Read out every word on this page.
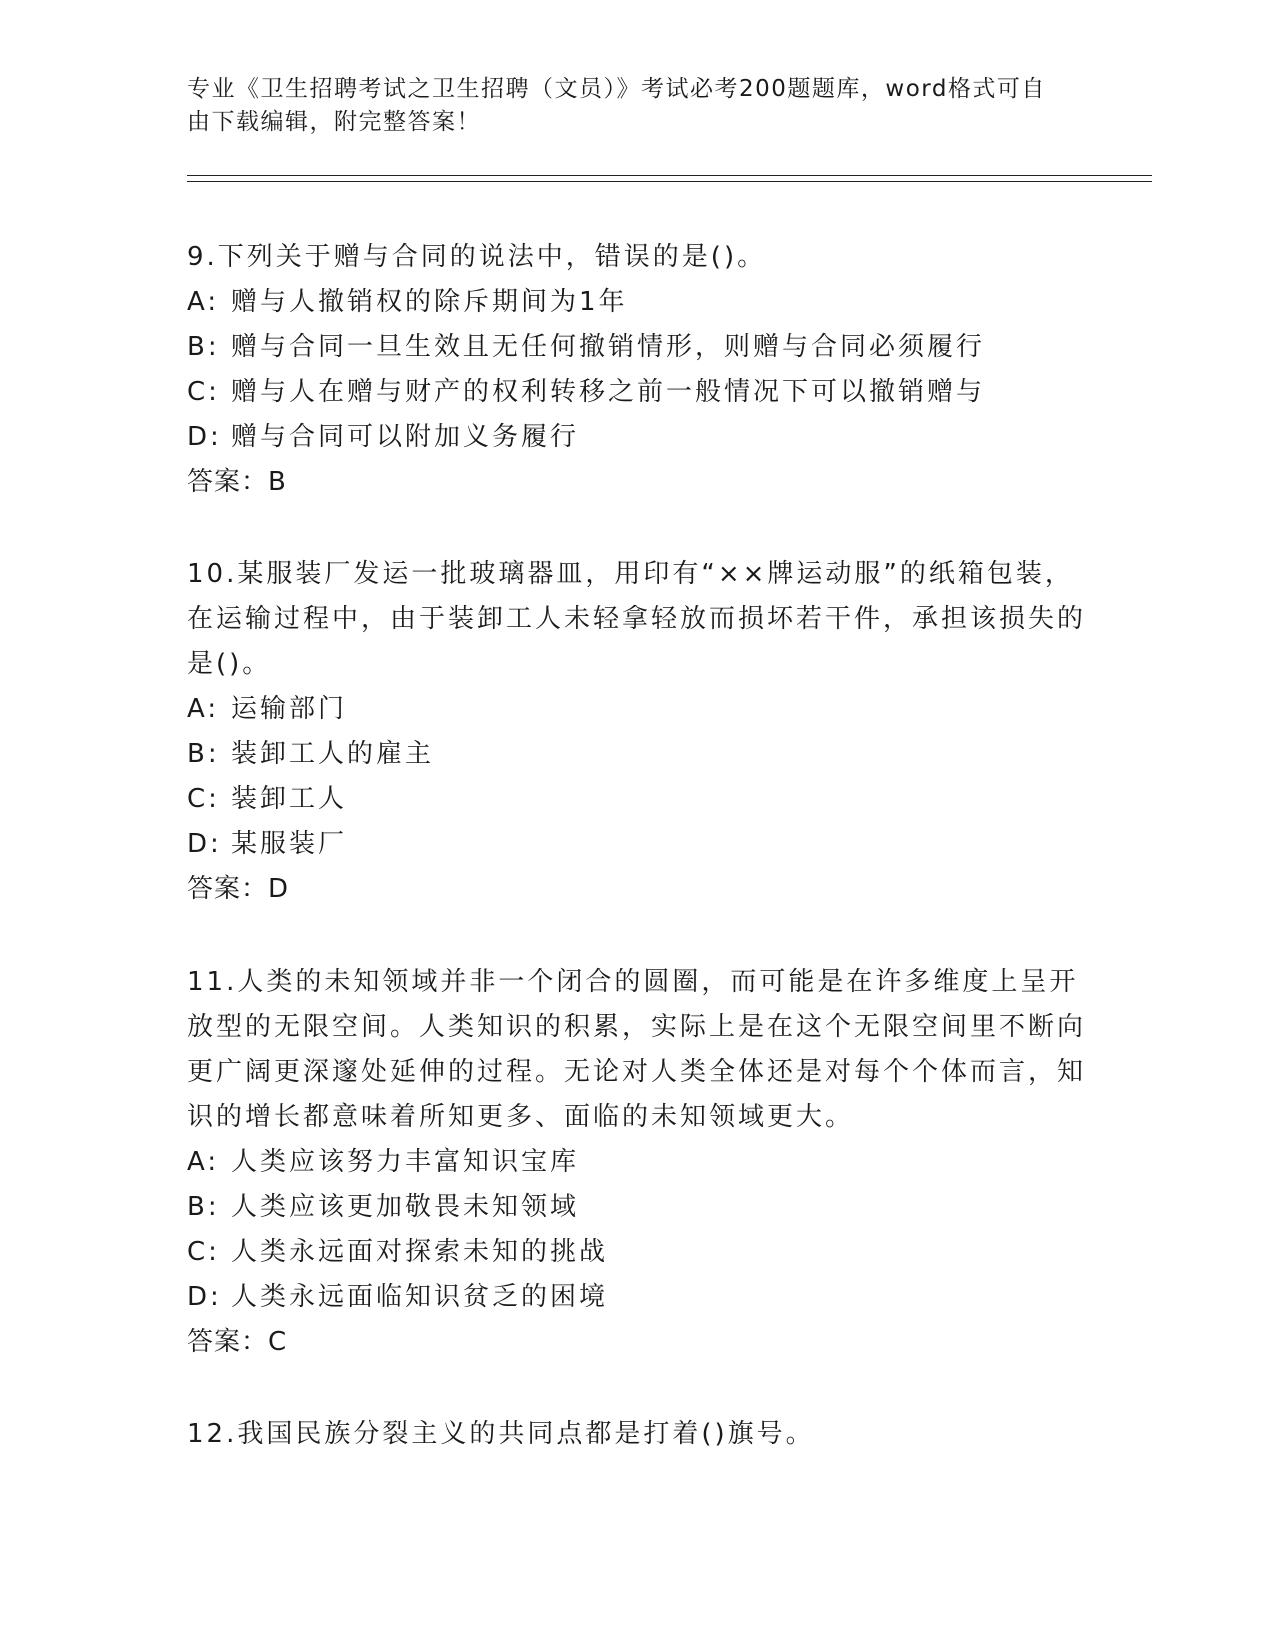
专业《卫生招聘考试之卫生招聘（文员）》考试必考200题题库，word格式可自由下载编辑，附完整答案！

9.下列关于赠与合同的说法中，错误的是()。

A: 赠与人撤销权的除斥期间为1年

B: 赠与合同一旦生效且无任何撤销情形，则赠与合同必须履行

C: 赠与人在赠与财产的权利转移之前一般情况下可以撤销赠与

D: 赠与合同可以附加义务履行

答案：B

10.某服装厂发运一批玻璃器皿，用印有“××牌运动服”的纸箱包装，在运输过程中，由于装卸工人未轻拿轻放而损坏若干件，承担该损失的是()。

A: 运输部门

B: 装卸工人的雇主

C: 装卸工人

D: 某服装厂

答案：D

11.人类的未知领域并非一个闭合的圆圈，而可能是在许多维度上呈开放型的无限空间。人类知识的积累，实际上是在这个无限空间里不断向更广阔更深邃处延伸的过程。无论对人类全体还是对每个个体而言，知识的增长都意味着所知更多、面临的未知领域更大。

A: 人类应该努力丰富知识宝库

B: 人类应该更加敬畏未知领域

C: 人类永远面对探索未知的挑战

D: 人类永远面临知识贫乏的困境

答案：C

12.我国民族分裂主义的共同点都是打着()旗号。
